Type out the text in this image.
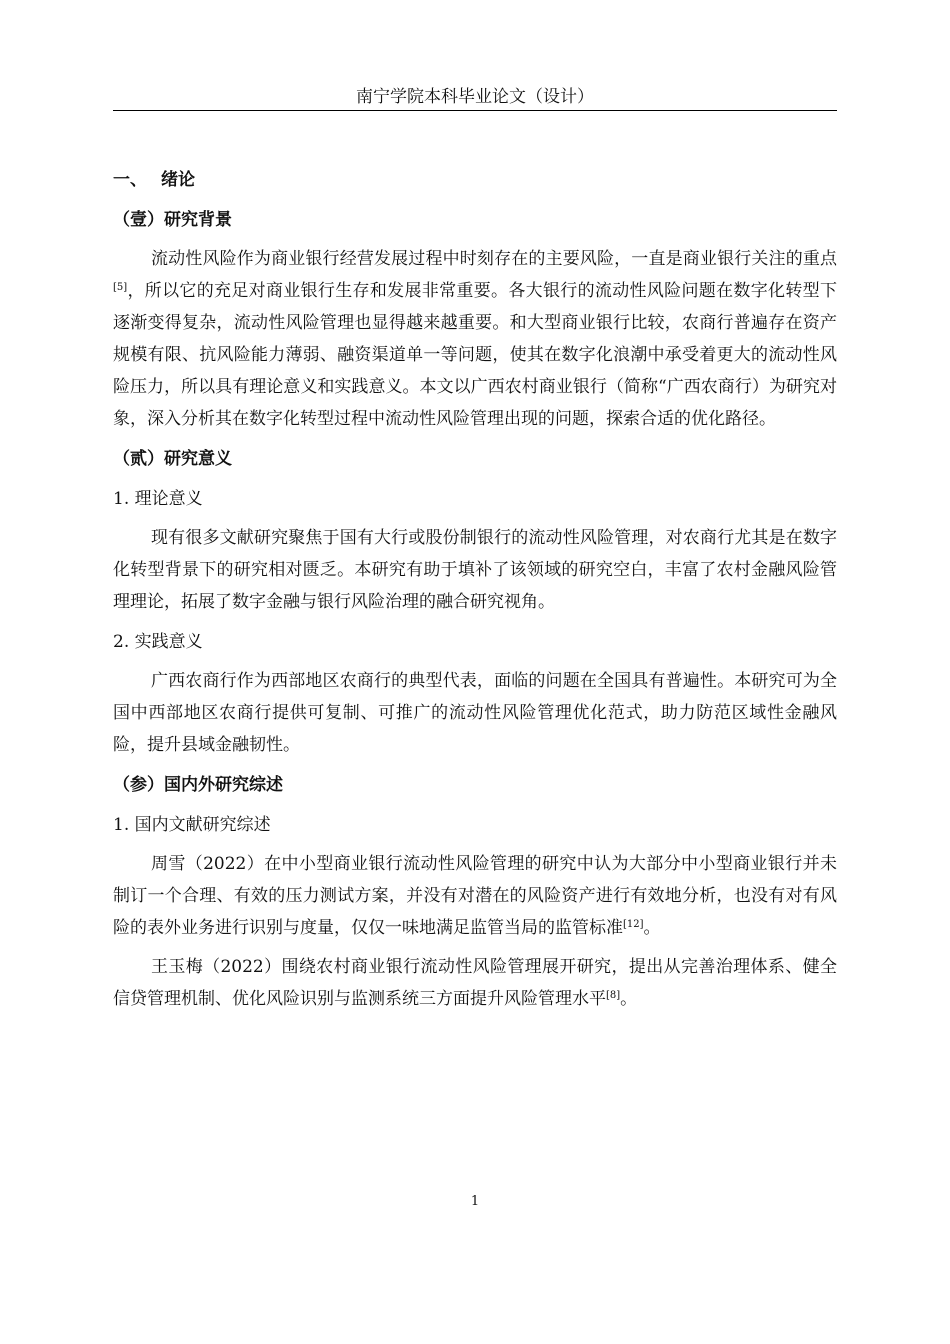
南宁学院本科毕业论文（设计）
一、 绪论
（壹）研究背景

流动性风险作为商业银行经营发展过程中时刻存在的主要风险，一直是商业银行关注的重点[5]，所以它的充足对商业银行生存和发展非常重要。各大银行的流动性风险问题在数字化转型下逐渐变得复杂，流动性风险管理也显得越来越重要。和大型商业银行比较，农商行普遍存在资产规模有限、抗风险能力薄弱、融资渠道单一等问题，使其在数字化浪潮中承受着更大的流动性风险压力，所以具有理论意义和实践意义。本文以广西农村商业银行（简称“广西农商行）为研究对象，深入分析其在数字化转型过程中流动性风险管理出现的问题，探索合适的优化路径。

（贰）研究意义
1. 理论意义

现有很多文献研究聚焦于国有大行或股份制银行的流动性风险管理，对农商行尤其是在数字化转型背景下的研究相对匮乏。本研究有助于填补了该领域的研究空白，丰富了农村金融风险管理理论，拓展了数字金融与银行风险治理的融合研究视角。

2. 实践意义

广西农商行作为西部地区农商行的典型代表，面临的问题在全国具有普遍性。本研究可为全国中西部地区农商行提供可复制、可推广的流动性风险管理优化范式，助力防范区域性金融风险，提升县域金融韧性。

（参）国内外研究综述
1. 国内文献研究综述

周雪（2022）在中小型商业银行流动性风险管理的研究中认为大部分中小型商业银行并未制订一个合理、有效的压力测试方案，并没有对潜在的风险资产进行有效地分析，也没有对有风险的表外业务进行识别与度量，仅仅一味地满足监管当局的监管标准[12]。

王玉梅（2022）围绕农村商业银行流动性风险管理展开研究，提出从完善治理体系、健全信贷管理机制、优化风险识别与监测系统三方面提升风险管理水平[8]。

1
